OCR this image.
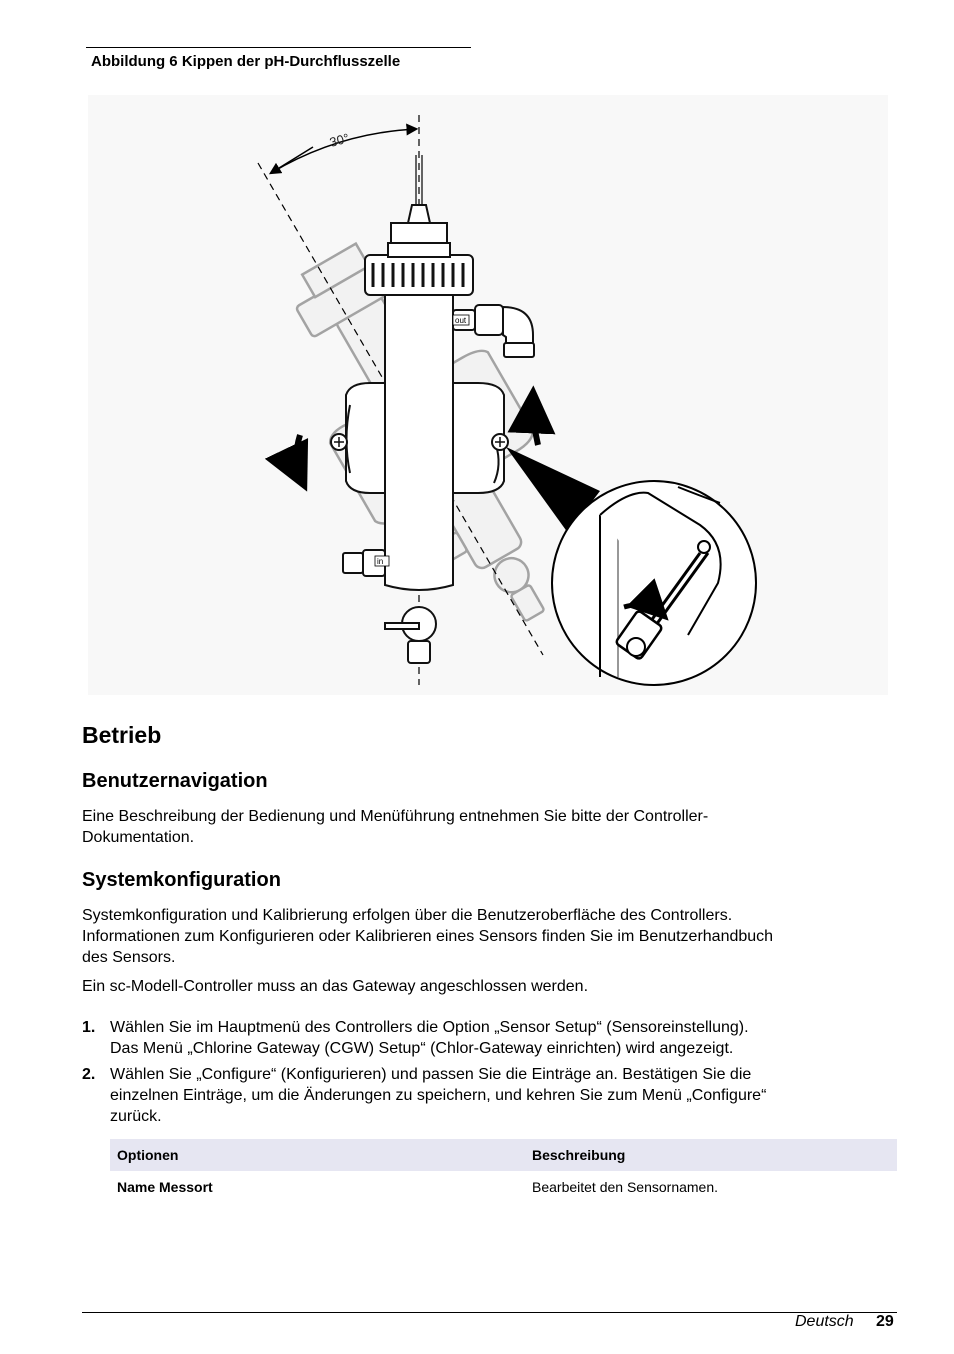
Abbildung 6 Kippen der pH-Durchflusszelle
30°
out
in
Betrieb
Benutzernavigation

Eine Beschreibung der Bedienung und Menüführung entnehmen Sie bitte der Controller-
Dokumentation.

Systemkonfiguration

Systemkonfiguration und Kalibrierung erfolgen über die Benutzeroberfläche des Controllers.
Informationen zum Konfigurieren oder Kalibrieren eines Sensors finden Sie im Benutzerhandbuch
des Sensors.

Ein sc-Modell-Controller muss an das Gateway angeschlossen werden.

1. Wählen Sie im Hauptmenü des Controllers die Option „Sensor Setup“ (Sensoreinstellung).
Das Menü „Chlorine Gateway (CGW) Setup“ (Chlor-Gateway einrichten) wird angezeigt.
2. Wählen Sie „Configure“ (Konfigurieren) und passen Sie die Einträge an. Bestätigen Sie die
einzelnen Einträge, um die Änderungen zu speichern, und kehren Sie zum Menü „Configure“
zurück.
Optionen	Beschreibung
Name Messort	Bearbeitet den Sensornamen.
Deutsch 29
